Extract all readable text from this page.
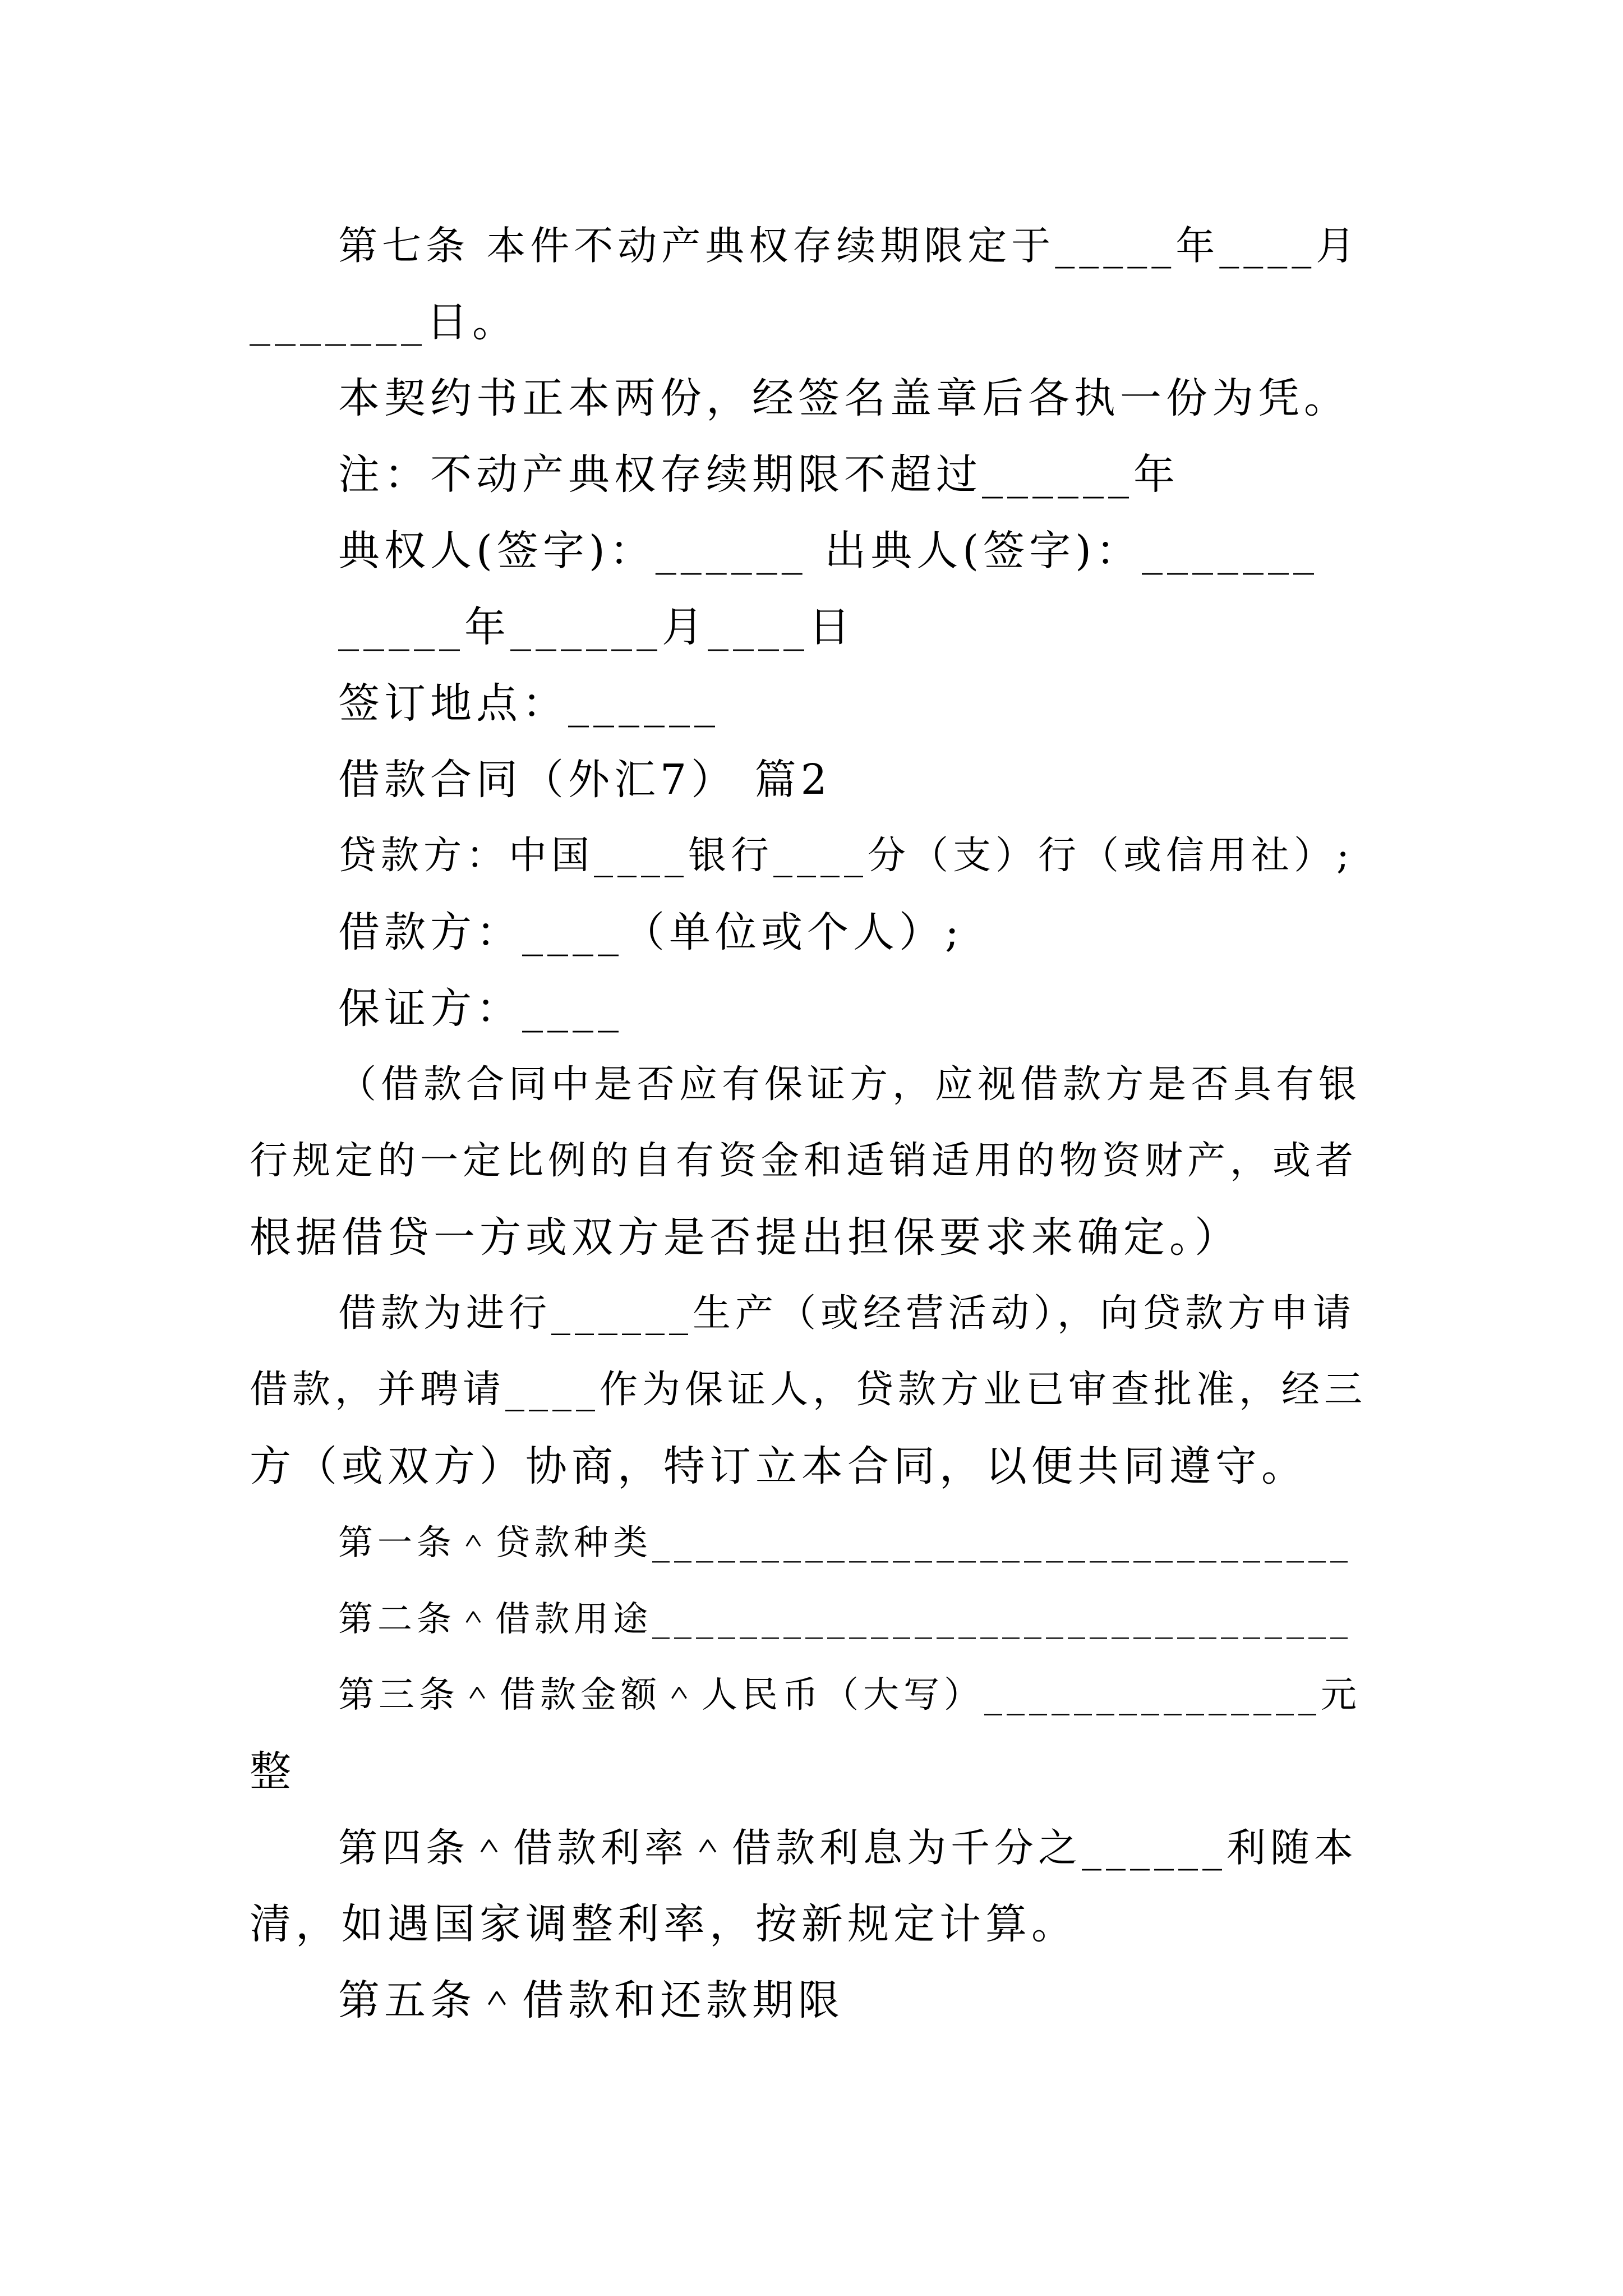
第七条 本件不动产典权存续期限定于_____年____月
_______日。
本契约书正本两份，经签名盖章后各执一份为凭。
注：不动产典权存续期限不超过______年
典权人(签字)：______ 出典人(签字)：_______
_____年______月____日
签订地点：______
借款合同（外汇7） 篇2
贷款方：中国____银行____分（支）行（或信用社）;
借款方：____（单位或个人）;
保证方：____
（借款合同中是否应有保证方，应视借款方是否具有银
行规定的一定比例的自有资金和适销适用的物资财产，或者
根据借贷一方或双方是否提出担保要求来确定。）
借款为进行______生产（或经营活动），向贷款方申请
借款，并聘请____作为保证人，贷款方业已审查批准，经三
方（或双方）协商，特订立本合同，以便共同遵守。
第一条＾贷款种类________________________________
第二条＾借款用途________________________________
第三条＾借款金额＾人民币（大写）_______________元
整
第四条＾借款利率＾借款利息为千分之______利随本
清，如遇国家调整利率，按新规定计算。
第五条＾借款和还款期限
